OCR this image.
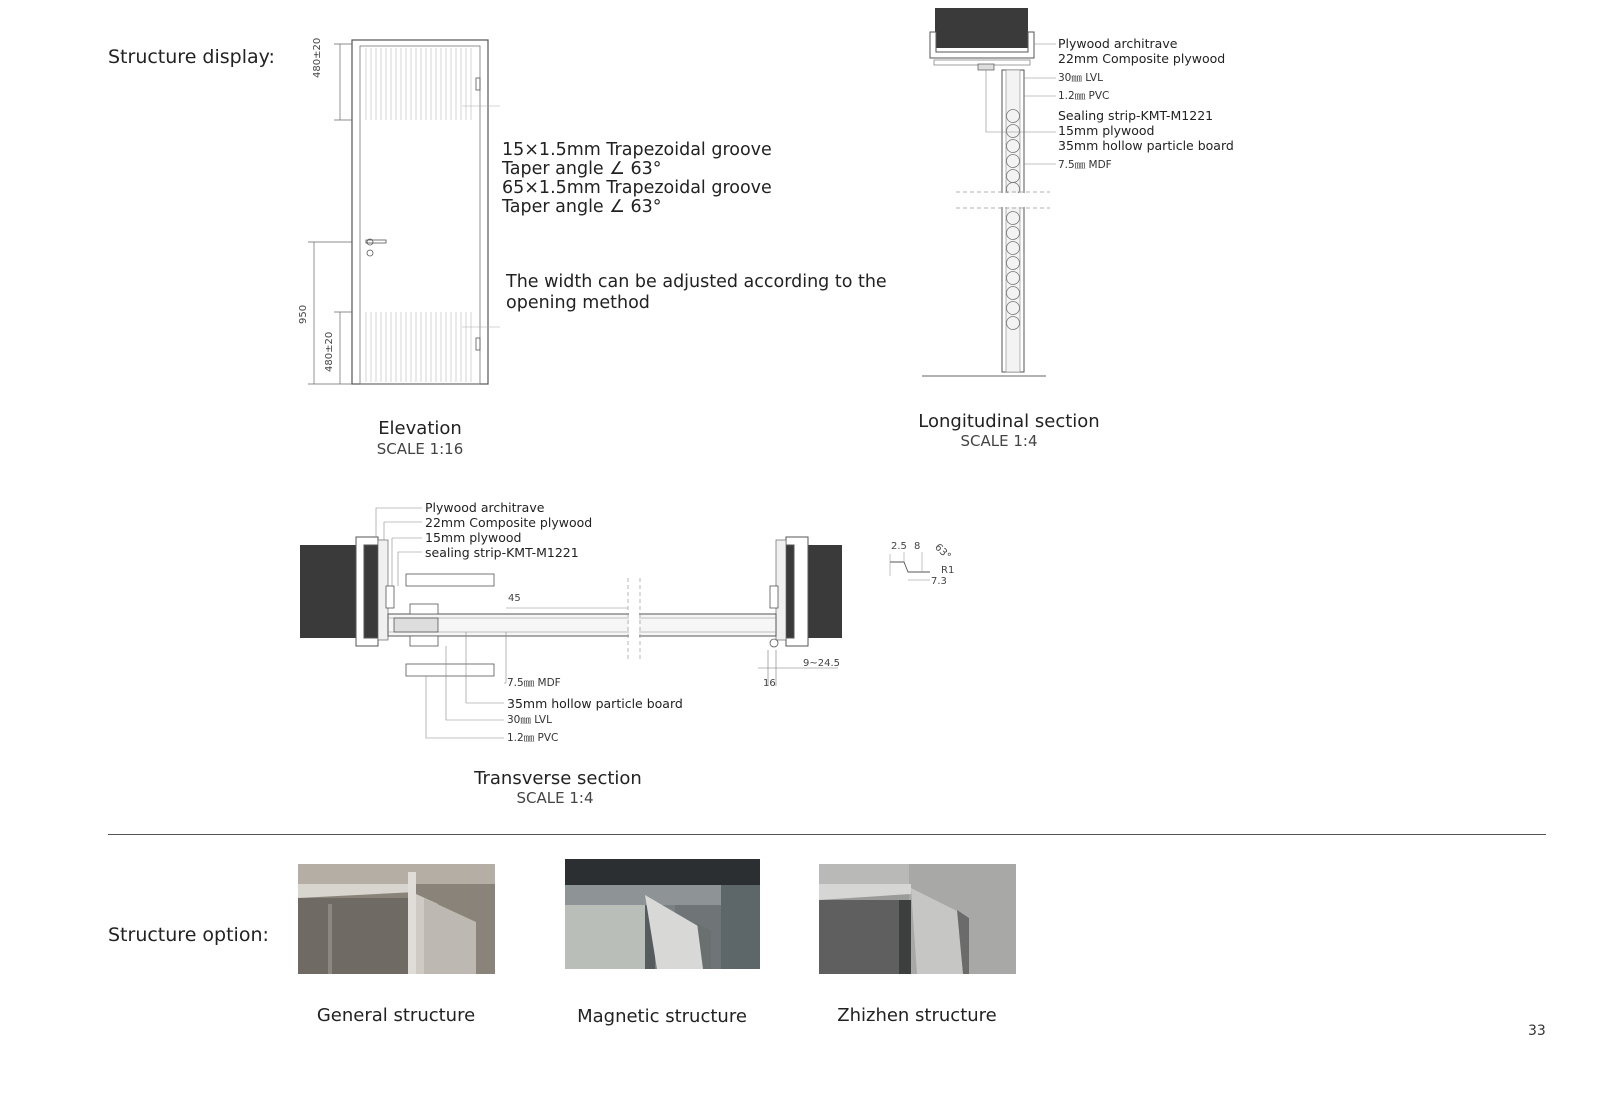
Structure display:
Structure option:
480±20
950
480±20
15×1.5mm Trapezoidal groove
Taper angle ∠ 63°
65×1.5mm Trapezoidal groove
Taper angle ∠ 63°
The width can be adjusted according to the
opening method
Elevation
SCALE 1:16
Plywood architrave
22mm Composite plywood
30㎜ LVL
1.2㎜ PVC
Sealing strip-KMT-M1221
15mm plywood
35mm hollow particle board
7.5㎜ MDF
Longitudinal section
SCALE 1:4
Plywood architrave
22mm Composite plywood
15mm plywood
sealing strip-KMT-M1221
45
9~24.5
16
7.5㎜ MDF
35mm hollow particle board
30㎜ LVL
1.2㎜ PVC
Transverse section
SCALE 1:4
2.5 8 63°
R1
7.3
General structure	Magnetic structure	Zhizhen structure
33
